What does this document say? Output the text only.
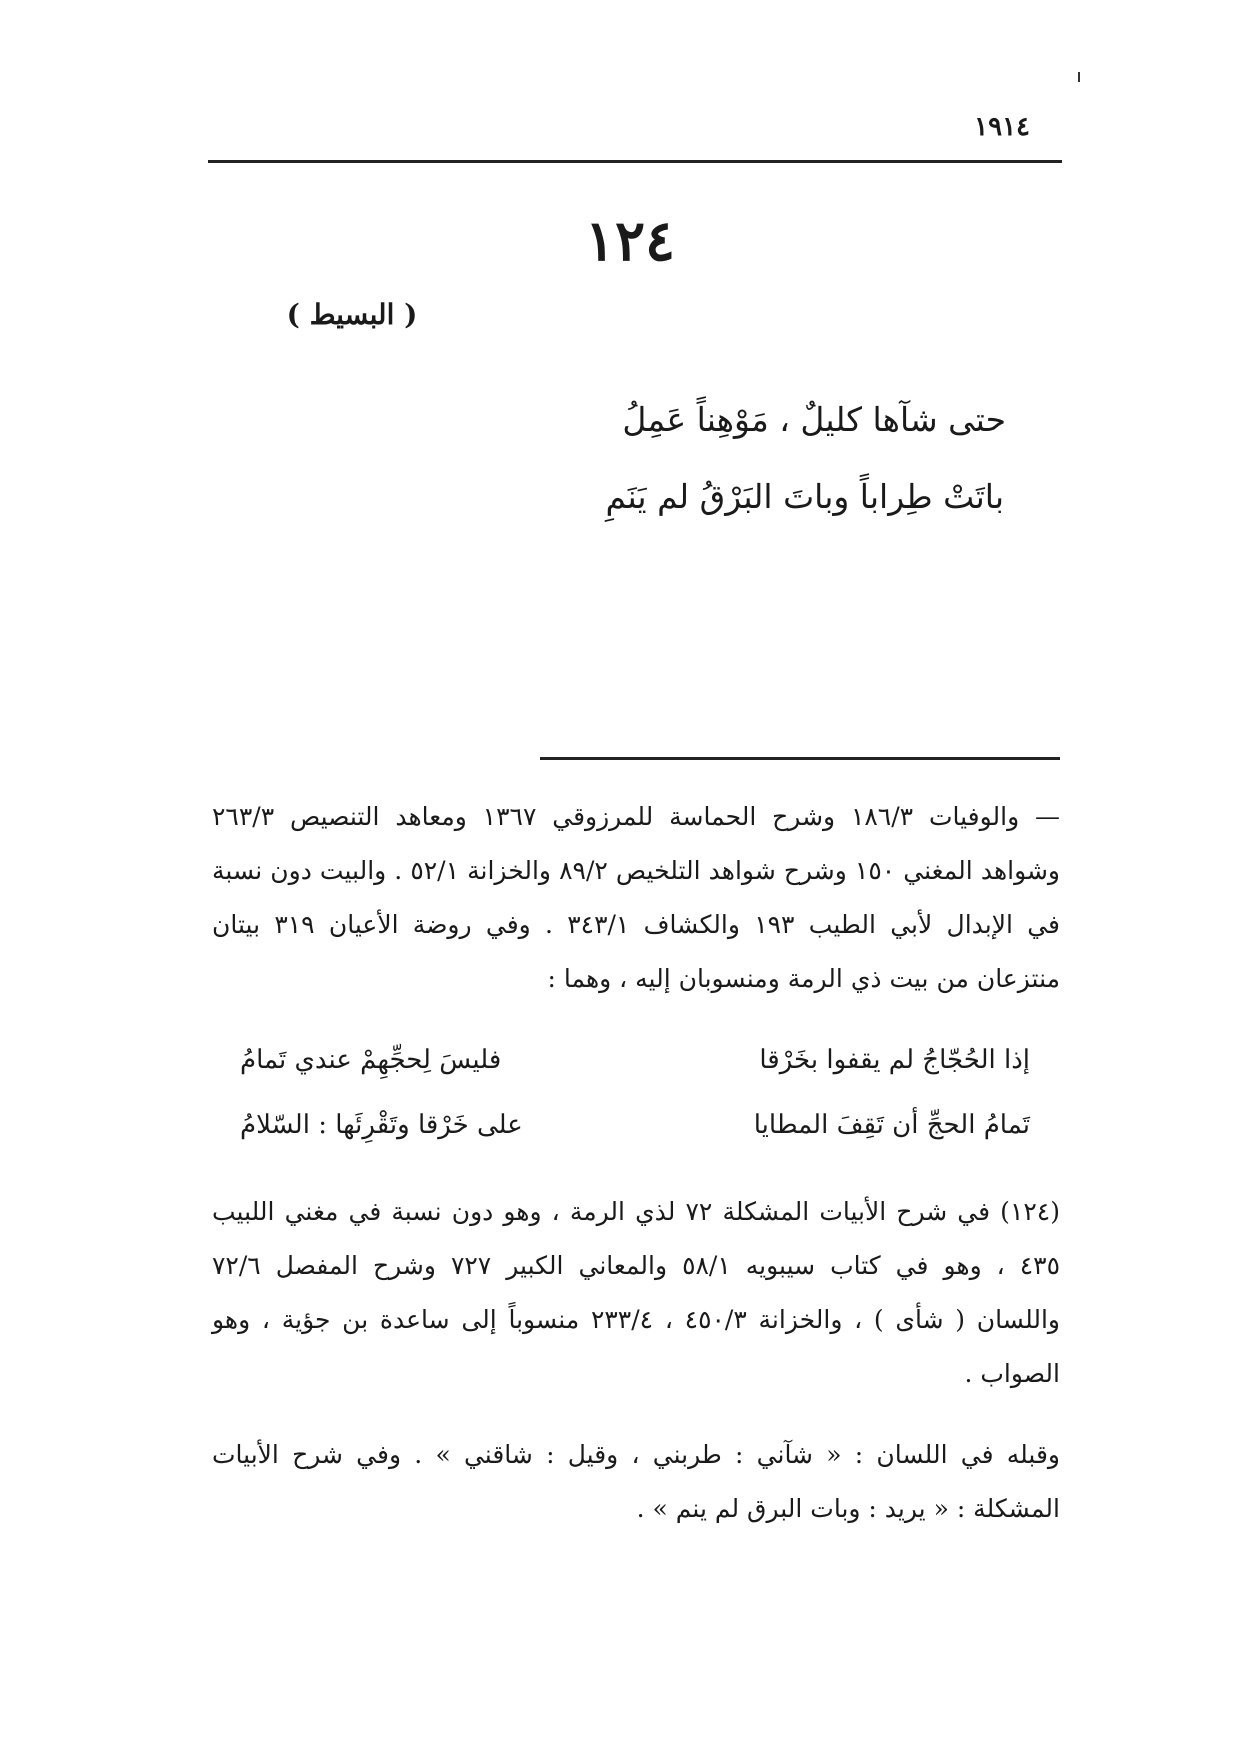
١٩١٤
١٢٤
( البسيط )
حتى شآها كليلٌ ، مَوْهِناً عَمِلُ
باتَتْ طِراباً وباتَ البَرْقُ لم يَنَمِ
— والوفيات ١٨٦/٣ وشرح الحماسة للمرزوقي ١٣٦٧ ومعاهد التنصيص ٢٦٣/٣ وشواهد المغني ١٥٠ وشرح شواهد التلخيص ٨٩/٢ والخزانة ٥٢/١ . والبيت دون نسبة في الإبدال لأبي الطيب ١٩٣ والكشاف ٣٤٣/١ . وفي روضة الأعيان ٣١٩ بيتان منتزعان من بيت ذي الرمة ومنسوبان إليه ، وهما :
إذا الحُجّاجُ لم يقفوا بخَرْقا
فليسَ لِحجِّهِمْ عندي تَمامُ
تَمامُ الحجِّ أن تَقِفَ المطايا
على خَرْقا وتَقْرِئَها : السّلامُ
(١٢٤) في شرح الأبيات المشكلة ٧٢ لذي الرمة ، وهو دون نسبة في مغني اللبيب ٤٣٥ ، وهو في كتاب سيبويه ٥٨/١ والمعاني الكبير ٧٢٧ وشرح المفصل ٧٢/٦ واللسان ( شأى ) ، والخزانة ٤٥٠/٣ ، ٢٣٣/٤ منسوباً إلى ساعدة بن جؤية ، وهو الصواب .
وقبله في اللسان : « شآني : طربني ، وقيل : شاقني » . وفي شرح الأبيات المشكلة : « يريد : وبات البرق لم ينم » .
